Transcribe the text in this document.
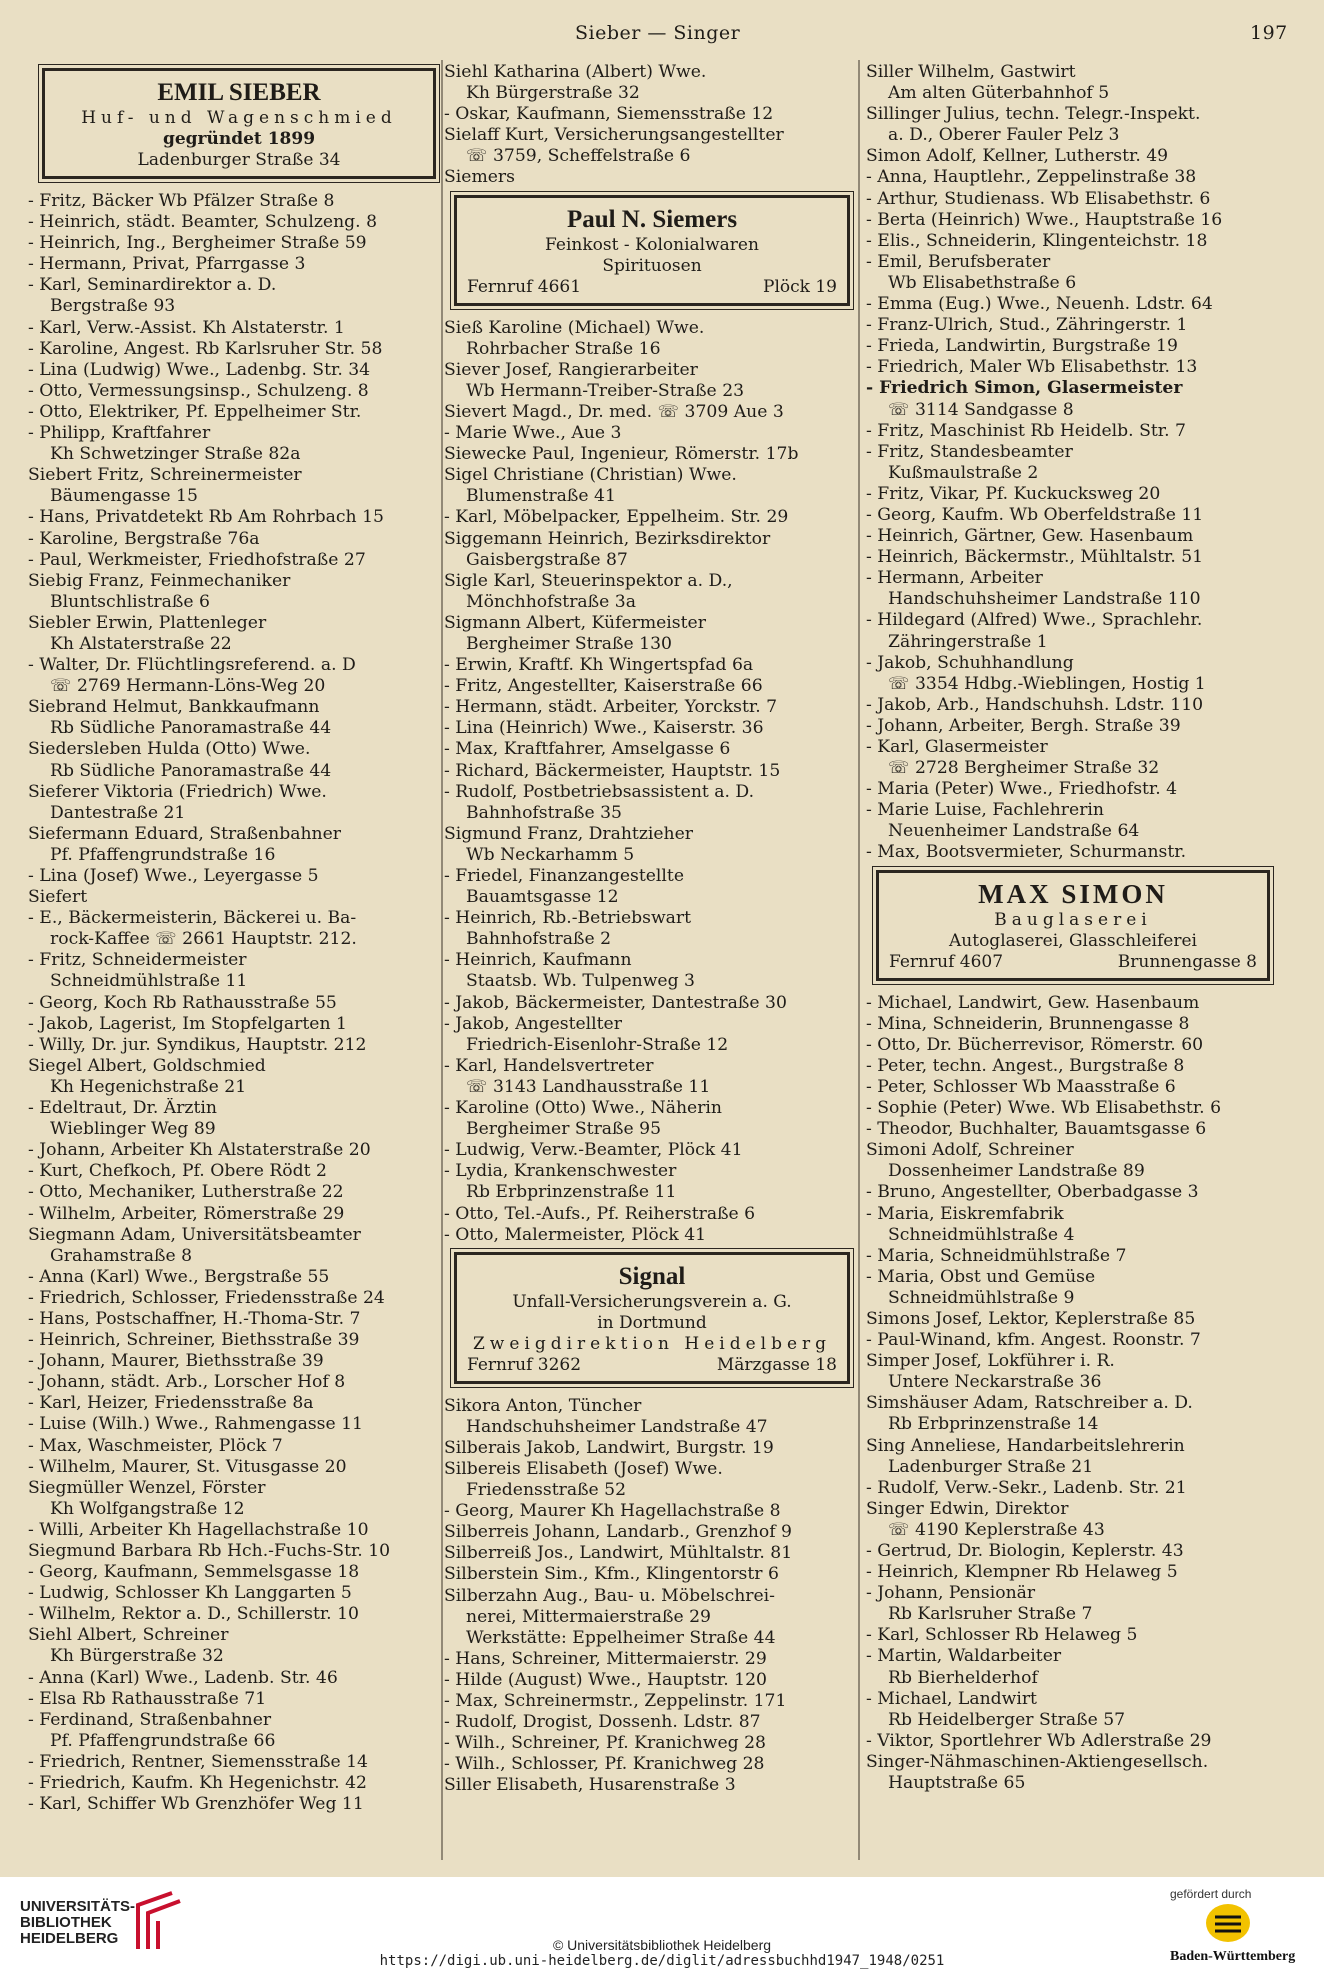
Sieber — Singer	197
EMIL SIEBER
Huf- und Wagenschmied
gegründet 1899
Ladenburger Straße 34
- Fritz, Bäcker Wb Pfälzer Straße 8
- Heinrich, städt. Beamter, Schulzeng. 8
- Heinrich, Ing., Bergheimer Straße 59
- Hermann, Privat, Pfarrgasse 3
- Karl, Seminardirektor a. D.
Bergstraße 93
- Karl, Verw.-Assist. Kh Alstaterstr. 1
- Karoline, Angest. Rb Karlsruher Str. 58
- Lina (Ludwig) Wwe., Ladenbg. Str. 34
- Otto, Vermessungsinsp., Schulzeng. 8
- Otto, Elektriker, Pf. Eppelheimer Str.
- Philipp, Kraftfahrer
Kh Schwetzinger Straße 82a
Siebert Fritz, Schreinermeister
Bäumengasse 15
- Hans, Privatdetekt Rb Am Rohrbach 15
- Karoline, Bergstraße 76a
- Paul, Werkmeister, Friedhofstraße 27
Siebig Franz, Feinmechaniker
Bluntschlistraße 6
Siebler Erwin, Plattenleger
Kh Alstaterstraße 22
- Walter, Dr. Flüchtlingsreferend. a. D
☏ 2769 Hermann-Löns-Weg 20
Siebrand Helmut, Bankkaufmann
Rb Südliche Panoramastraße 44
Siedersleben Hulda (Otto) Wwe.
Rb Südliche Panoramastraße 44
Sieferer Viktoria (Friedrich) Wwe.
Dantestraße 21
Siefermann Eduard, Straßenbahner
Pf. Pfaffengrundstraße 16
- Lina (Josef) Wwe., Leyergasse 5
Siefert
- E., Bäckermeisterin, Bäckerei u. Ba-
rock-Kaffee ☏ 2661 Hauptstr. 212.
- Fritz, Schneidermeister
Schneidmühlstraße 11
- Georg, Koch Rb Rathausstraße 55
- Jakob, Lagerist, Im Stopfelgarten 1
- Willy, Dr. jur. Syndikus, Hauptstr. 212
Siegel Albert, Goldschmied
Kh Hegenichstraße 21
- Edeltraut, Dr. Ärztin
Wieblinger Weg 89
- Johann, Arbeiter Kh Alstaterstraße 20
- Kurt, Chefkoch, Pf. Obere Rödt 2
- Otto, Mechaniker, Lutherstraße 22
- Wilhelm, Arbeiter, Römerstraße 29
Siegmann Adam, Universitätsbeamter
Grahamstraße 8
- Anna (Karl) Wwe., Bergstraße 55
- Friedrich, Schlosser, Friedensstraße 24
- Hans, Postschaffner, H.-Thoma-Str. 7
- Heinrich, Schreiner, Biethsstraße 39
- Johann, Maurer, Biethsstraße 39
- Johann, städt. Arb., Lorscher Hof 8
- Karl, Heizer, Friedensstraße 8a
- Luise (Wilh.) Wwe., Rahmengasse 11
- Max, Waschmeister, Plöck 7
- Wilhelm, Maurer, St. Vitusgasse 20
Siegmüller Wenzel, Förster
Kh Wolfgangstraße 12
- Willi, Arbeiter Kh Hagellachstraße 10
Siegmund Barbara Rb Hch.-Fuchs-Str. 10
- Georg, Kaufmann, Semmelsgasse 18
- Ludwig, Schlosser Kh Langgarten 5
- Wilhelm, Rektor a. D., Schillerstr. 10
Siehl Albert, Schreiner
Kh Bürgerstraße 32
- Anna (Karl) Wwe., Ladenb. Str. 46
- Elsa Rb Rathausstraße 71
- Ferdinand, Straßenbahner
Pf. Pfaffengrundstraße 66
- Friedrich, Rentner, Siemensstraße 14
- Friedrich, Kaufm. Kh Hegenichstr. 42
- Karl, Schiffer Wb Grenzhöfer Weg 11
Siehl Katharina (Albert) Wwe.
Kh Bürgerstraße 32
- Oskar, Kaufmann, Siemensstraße 12
Sielaff Kurt, Versicherungsangestellter
☏ 3759, Scheffelstraße 6
Siemers
Paul N. Siemers
Feinkost - Kolonialwaren
Spirituosen
Fernruf 4661	Plöck 19
Sieß Karoline (Michael) Wwe.
Rohrbacher Straße 16
Siever Josef, Rangierarbeiter
Wb Hermann-Treiber-Straße 23
Sievert Magd., Dr. med. ☏ 3709 Aue 3
- Marie Wwe., Aue 3
Siewecke Paul, Ingenieur, Römerstr. 17b
Sigel Christiane (Christian) Wwe.
Blumenstraße 41
- Karl, Möbelpacker, Eppelheim. Str. 29
Siggemann Heinrich, Bezirksdirektor
Gaisbergstraße 87
Sigle Karl, Steuerinspektor a. D.,
Mönchhofstraße 3a
Sigmann Albert, Küfermeister
Bergheimer Straße 130
- Erwin, Kraftf. Kh Wingertspfad 6a
- Fritz, Angestellter, Kaiserstraße 66
- Hermann, städt. Arbeiter, Yorckstr. 7
- Lina (Heinrich) Wwe., Kaiserstr. 36
- Max, Kraftfahrer, Amselgasse 6
- Richard, Bäckermeister, Hauptstr. 15
- Rudolf, Postbetriebsassistent a. D.
Bahnhofstraße 35
Sigmund Franz, Drahtzieher
Wb Neckarhamm 5
- Friedel, Finanzangestellte
Bauamtsgasse 12
- Heinrich, Rb.-Betriebswart
Bahnhofstraße 2
- Heinrich, Kaufmann
Staatsb. Wb. Tulpenweg 3
- Jakob, Bäckermeister, Dantestraße 30
- Jakob, Angestellter
Friedrich-Eisenlohr-Straße 12
- Karl, Handelsvertreter
☏ 3143 Landhausstraße 11
- Karoline (Otto) Wwe., Näherin
Bergheimer Straße 95
- Ludwig, Verw.-Beamter, Plöck 41
- Lydia, Krankenschwester
Rb Erbprinzenstraße 11
- Otto, Tel.-Aufs., Pf. Reiherstraße 6
- Otto, Malermeister, Plöck 41
Signal
Unfall-Versicherungsverein a. G.
in Dortmund
Zweigdirektion Heidelberg
Fernruf 3262	Märzgasse 18
Sikora Anton, Tüncher
Handschuhsheimer Landstraße 47
Silberais Jakob, Landwirt, Burgstr. 19
Silbereis Elisabeth (Josef) Wwe.
Friedensstraße 52
- Georg, Maurer Kh Hagellachstraße 8
Silberreis Johann, Landarb., Grenzhof 9
Silberreiß Jos., Landwirt, Mühltalstr. 81
Silberstein Sim., Kfm., Klingentorstr 6
Silberzahn Aug., Bau- u. Möbelschrei-
nerei, Mittermaierstraße 29
Werkstätte: Eppelheimer Straße 44
- Hans, Schreiner, Mittermaierstr. 29
- Hilde (August) Wwe., Hauptstr. 120
- Max, Schreinermstr., Zeppelinstr. 171
- Rudolf, Drogist, Dossenh. Ldstr. 87
- Wilh., Schreiner, Pf. Kranichweg 28
- Wilh., Schlosser, Pf. Kranichweg 28
Siller Elisabeth, Husarenstraße 3
Siller Wilhelm, Gastwirt
Am alten Güterbahnhof 5
Sillinger Julius, techn. Telegr.-Inspekt.
a. D., Oberer Fauler Pelz 3
Simon Adolf, Kellner, Lutherstr. 49
- Anna, Hauptlehr., Zeppelinstraße 38
- Arthur, Studienass. Wb Elisabethstr. 6
- Berta (Heinrich) Wwe., Hauptstraße 16
- Elis., Schneiderin, Klingenteichstr. 18
- Emil, Berufsberater
Wb Elisabethstraße 6
- Emma (Eug.) Wwe., Neuenh. Ldstr. 64
- Franz-Ulrich, Stud., Zähringerstr. 1
- Frieda, Landwirtin, Burgstraße 19
- Friedrich, Maler Wb Elisabethstr. 13
- Friedrich Simon, Glasermeister
☏ 3114 Sandgasse 8
- Fritz, Maschinist Rb Heidelb. Str. 7
- Fritz, Standesbeamter
Kußmaulstraße 2
- Fritz, Vikar, Pf. Kuckucksweg 20
- Georg, Kaufm. Wb Oberfeldstraße 11
- Heinrich, Gärtner, Gew. Hasenbaum
- Heinrich, Bäckermstr., Mühltalstr. 51
- Hermann, Arbeiter
Handschuhsheimer Landstraße 110
- Hildegard (Alfred) Wwe., Sprachlehr.
Zähringerstraße 1
- Jakob, Schuhhandlung
☏ 3354 Hdbg.-Wieblingen, Hostig 1
- Jakob, Arb., Handschuhsh. Ldstr. 110
- Johann, Arbeiter, Bergh. Straße 39
- Karl, Glasermeister
☏ 2728 Bergheimer Straße 32
- Maria (Peter) Wwe., Friedhofstr. 4
- Marie Luise, Fachlehrerin
Neuenheimer Landstraße 64
- Max, Bootsvermieter, Schurmanstr.
MAX SIMON
Bauglaserei
Autoglaserei, Glasschleiferei
Fernruf 4607	Brunnengasse 8
- Michael, Landwirt, Gew. Hasenbaum
- Mina, Schneiderin, Brunnengasse 8
- Otto, Dr. Bücherrevisor, Römerstr. 60
- Peter, techn. Angest., Burgstraße 8
- Peter, Schlosser Wb Maasstraße 6
- Sophie (Peter) Wwe. Wb Elisabethstr. 6
- Theodor, Buchhalter, Bauamtsgasse 6
Simoni Adolf, Schreiner
Dossenheimer Landstraße 89
- Bruno, Angestellter, Oberbadgasse 3
- Maria, Eiskremfabrik
Schneidmühlstraße 4
- Maria, Schneidmühlstraße 7
- Maria, Obst und Gemüse
Schneidmühlstraße 9
Simons Josef, Lektor, Keplerstraße 85
- Paul-Winand, kfm. Angest. Roonstr. 7
Simper Josef, Lokführer i. R.
Untere Neckarstraße 36
Simshäuser Adam, Ratschreiber a. D.
Rb Erbprinzenstraße 14
Sing Anneliese, Handarbeitslehrerin
Ladenburger Straße 21
- Rudolf, Verw.-Sekr., Ladenb. Str. 21
Singer Edwin, Direktor
☏ 4190 Keplerstraße 43
- Gertrud, Dr. Biologin, Keplerstr. 43
- Heinrich, Klempner Rb Helaweg 5
- Johann, Pensionär
Rb Karlsruher Straße 7
- Karl, Schlosser Rb Helaweg 5
- Martin, Waldarbeiter
Rb Bierhelderhof
- Michael, Landwirt
Rb Heidelberger Straße 57
- Viktor, Sportlehrer Wb Adlerstraße 29
Singer-Nähmaschinen-Aktiengesellsch.
Hauptstraße 65
UNIVERSITÄTS-
BIBLIOTHEK
HEIDELBERG	© Universitätsbibliothek Heidelberg
https://digi.ub.uni-heidelberg.de/diglit/adressbuchhd1947_1948/0251
gefördert durch
Baden-Württemberg
